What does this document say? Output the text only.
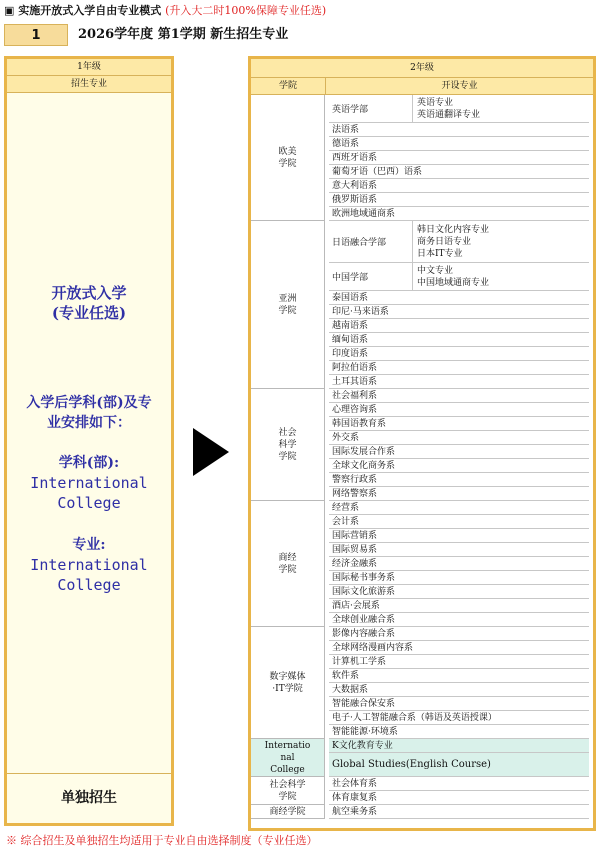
▣ 实施开放式入学自由专业模式 (升入大二时100%保障专业任选)
1	2026学年度 第1学期 新生招生专业
1年级
招生专业
开放式入学
(专业任选)
入学后学科(部)及专
业安排如下：
学科(部):
International
College
专业:
International
College
单独招生
2年级
学院	开设专业
英语学部
英语专业
英语通翻译专业
法语系
德语系
西班牙语系
葡萄牙语（巴西）语系
意大利语系
俄罗斯语系
欧洲地域通商系
欧美
学院
日语融合学部
韩日文化内容专业
商务日语专业
日本IT专业
中国学部
中文专业
中国地域通商专业
泰国语系
印尼·马来语系
越南语系
缅甸语系
印度语系
阿拉伯语系
土耳其语系
亚洲
学院
社会福利系
心理咨询系
韩国语教育系
外交系
国际发展合作系
全球文化商务系
警察行政系
网络警察系
社会
科学
学院
经营系
会计系
国际营销系
国际贸易系
经济金融系
国际秘书事务系
国际文化旅游系
酒店·会展系
全球创业融合系
商经
学院
影像内容融合系
全球网络漫画内容系
计算机工学系
软件系
大数据系
智能融合保安系
电子·人工智能融合系（韩语及英语授课）
智能能源·环境系
数字媒体
·IT学院
K文化教育专业
Global Studies(English Course)
Internatio
nal
College
社会体育系
体育康复系
社会科学
学院
航空乘务系
商经学院
※ 综合招生及单独招生均适用于专业自由选择制度（专业任选）
